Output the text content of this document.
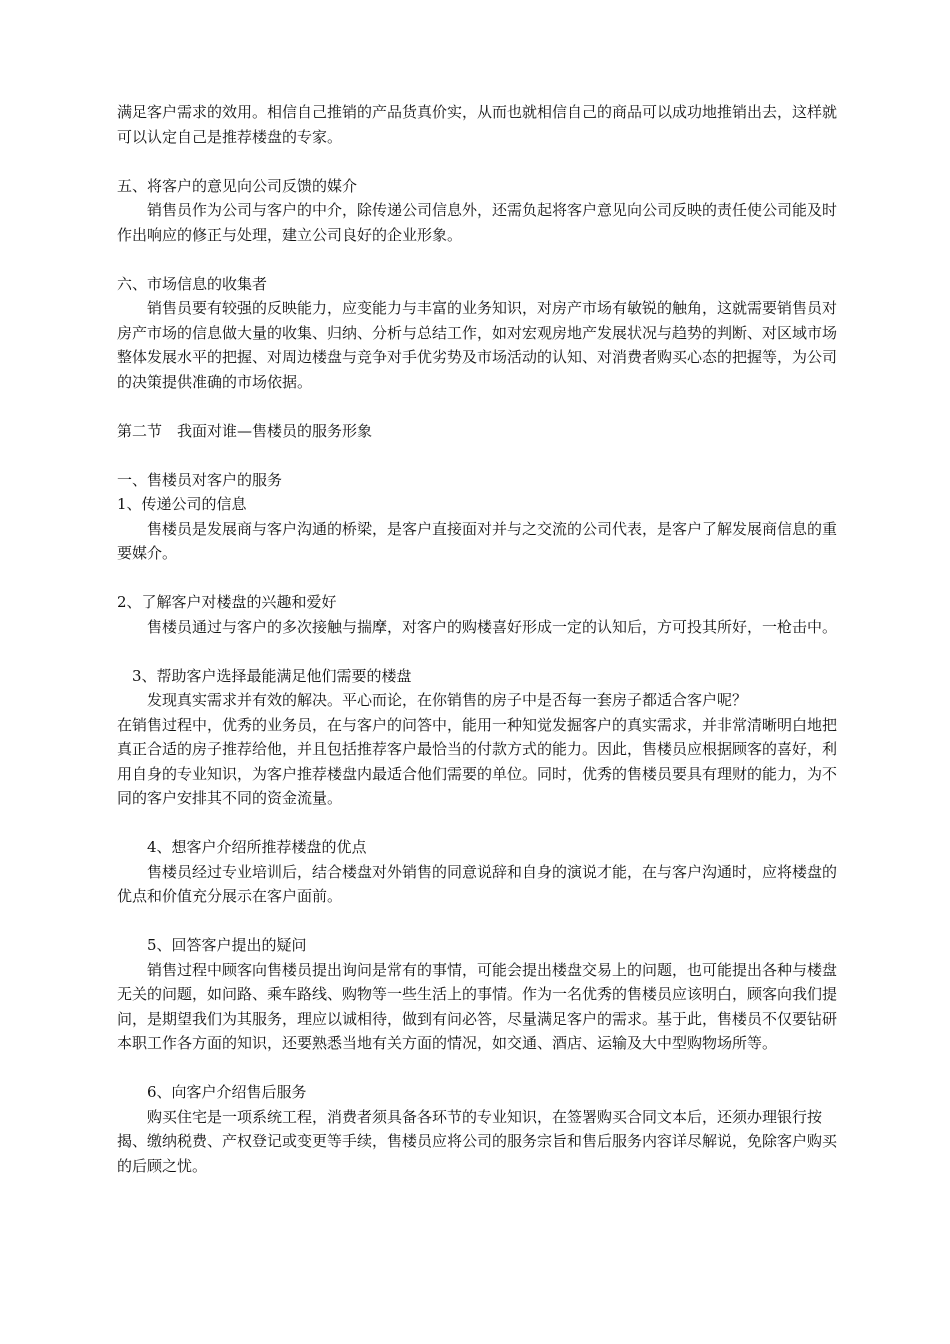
满足客户需求的效用。相信自己推销的产品货真价实，从而也就相信自己的商品可以成功地推销出去，这样就可以认定自己是推荐楼盘的专家。

五、将客户的意见向公司反馈的媒介

销售员作为公司与客户的中介，除传递公司信息外，还需负起将客户意见向公司反映的责任使公司能及时作出响应的修正与处理，建立公司良好的企业形象。

六、市场信息的收集者

销售员要有较强的反映能力，应变能力与丰富的业务知识，对房产市场有敏锐的触角，这就需要销售员对房产市场的信息做大量的收集、归纳、分析与总结工作，如对宏观房地产发展状况与趋势的判断、对区域市场整体发展水平的把握、对周边楼盘与竞争对手优劣势及市场活动的认知、对消费者购买心态的把握等，为公司的决策提供准确的市场依据。

第二节　我面对谁—售楼员的服务形象

一、售楼员对客户的服务

1、传递公司的信息

售楼员是发展商与客户沟通的桥梁，是客户直接面对并与之交流的公司代表，是客户了解发展商信息的重要媒介。

2、了解客户对楼盘的兴趣和爱好

售楼员通过与客户的多次接触与揣摩，对客户的购楼喜好形成一定的认知后，方可投其所好，一枪击中。

3、帮助客户选择最能满足他们需要的楼盘

发现真实需求并有效的解决。平心而论，在你销售的房子中是否每一套房子都适合客户呢？

在销售过程中，优秀的业务员，在与客户的问答中，能用一种知觉发掘客户的真实需求，并非常清晰明白地把真正合适的房子推荐给他，并且包括推荐客户最恰当的付款方式的能力。因此，售楼员应根据顾客的喜好，利用自身的专业知识，为客户推荐楼盘内最适合他们需要的单位。同时，优秀的售楼员要具有理财的能力，为不同的客户安排其不同的资金流量。

4、想客户介绍所推荐楼盘的优点

售楼员经过专业培训后，结合楼盘对外销售的同意说辞和自身的演说才能，在与客户沟通时，应将楼盘的优点和价值充分展示在客户面前。

5、回答客户提出的疑问

销售过程中顾客向售楼员提出询问是常有的事情，可能会提出楼盘交易上的问题，也可能提出各种与楼盘无关的问题，如问路、乘车路线、购物等一些生活上的事情。作为一名优秀的售楼员应该明白，顾客向我们提问，是期望我们为其服务，理应以诚相待，做到有问必答，尽量满足客户的需求。基于此，售楼员不仅要钻研本职工作各方面的知识，还要熟悉当地有关方面的情况，如交通、酒店、运输及大中型购物场所等。

6、向客户介绍售后服务

购买住宅是一项系统工程，消费者须具备各环节的专业知识，在签署购买合同文本后，还须办理银行按揭、缴纳税费、产权登记或变更等手续，售楼员应将公司的服务宗旨和售后服务内容详尽解说，免除客户购买的后顾之忧。
